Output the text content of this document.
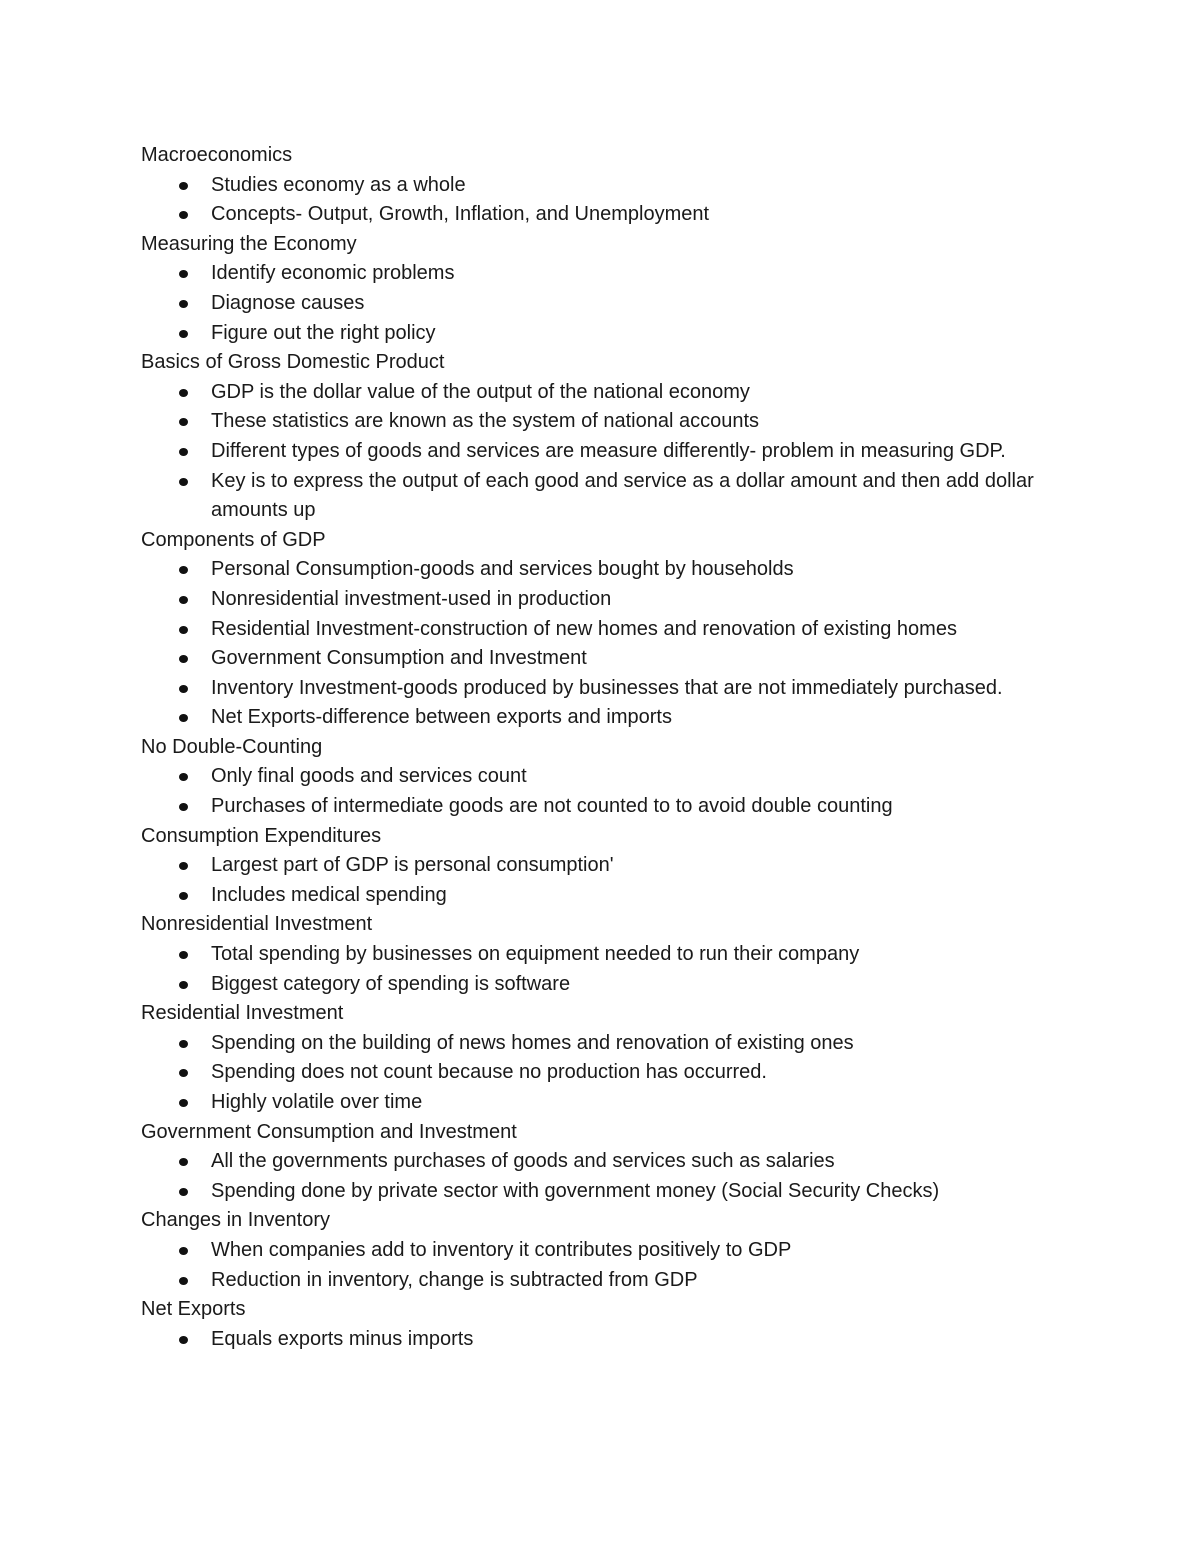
Macroeconomics

Studies economy as a whole
Concepts- Output, Growth, Inflation, and Unemployment

Measuring the Economy

Identify economic problems
Diagnose causes
Figure out the right policy

Basics of Gross Domestic Product

GDP is the dollar value of the output of the national economy
These statistics are known as the system of national accounts
Different types of goods and services are measure differently- problem in measuring GDP.
Key is to express the output of each good and service as a dollar amount and then add dollar amounts up

Components of GDP

Personal Consumption-goods and services bought by households
Nonresidential investment-used in production
Residential Investment-construction of new homes and renovation of existing homes
Government Consumption and Investment
Inventory Investment-goods produced by businesses that are not immediately purchased.
Net Exports-difference between exports and imports

No Double-Counting

Only final goods and services count
Purchases of intermediate goods are not counted to to avoid double counting

Consumption Expenditures

Largest part of GDP is personal consumption'
Includes medical spending

Nonresidential Investment

Total spending by businesses on equipment needed to run their company
Biggest category of spending is software

Residential Investment

Spending on the building of news homes and renovation of existing ones
Spending does not count because no production has occurred.
Highly volatile over time

Government Consumption and Investment

All the governments purchases of goods and services such as salaries
Spending done by private sector with government money (Social Security Checks)

Changes in Inventory

When companies add to inventory it contributes positively to GDP
Reduction in inventory, change is subtracted from GDP

Net Exports

Equals exports minus imports
